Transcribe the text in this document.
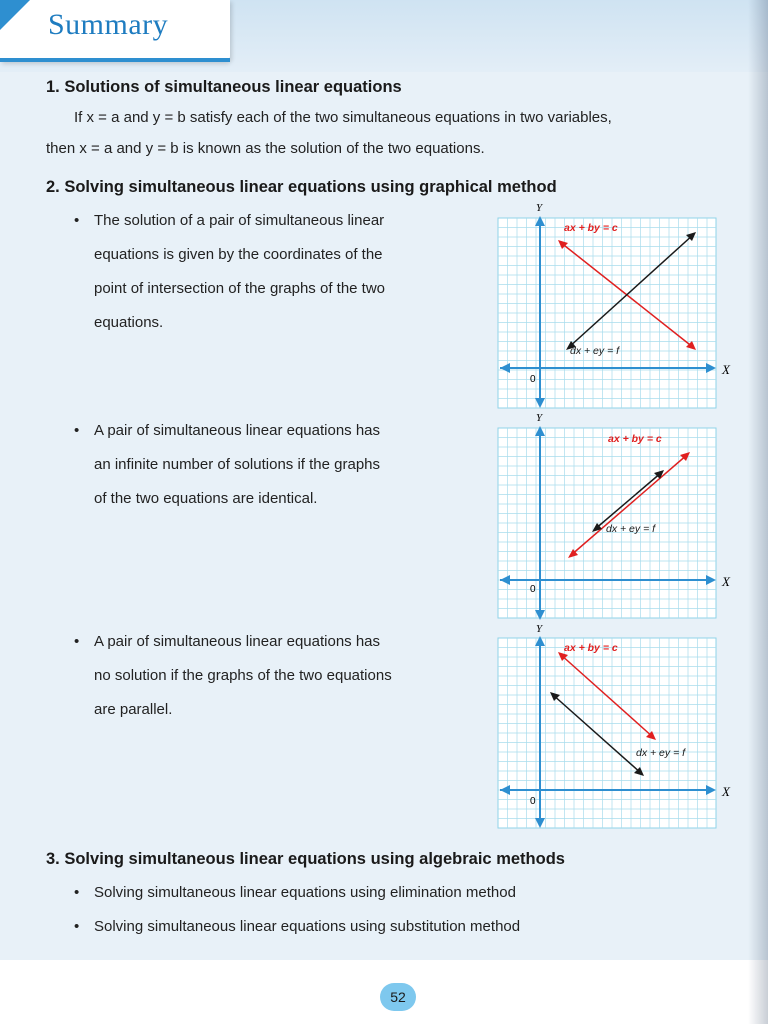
Summary
1. Solutions of simultaneous linear equations
If x = a and y = b satisfy each of the two simultaneous equations in two variables,
then x = a and y = b is known as the solution of the two equations.
2. Solving simultaneous linear equations using graphical method
• The solution of a pair of simultaneous linear
equations is given by the coordinates of the
point of intersection of the graphs of the two
equations.
• A pair of simultaneous linear equations has
an infinite number of solutions if the graphs
of the two equations are identical.
• A pair of simultaneous linear equations has
no solution if the graphs of the two equations
are parallel.
X
Y
0
ax + by = c
dx + ey = f
X
Y
0
ax + by = c
dx + ey = f
X
Y
0
ax + by = c
dx + ey = f
3. Solving simultaneous linear equations using algebraic methods
• Solving simultaneous linear equations using elimination method
• Solving simultaneous linear equations using substitution method
52
